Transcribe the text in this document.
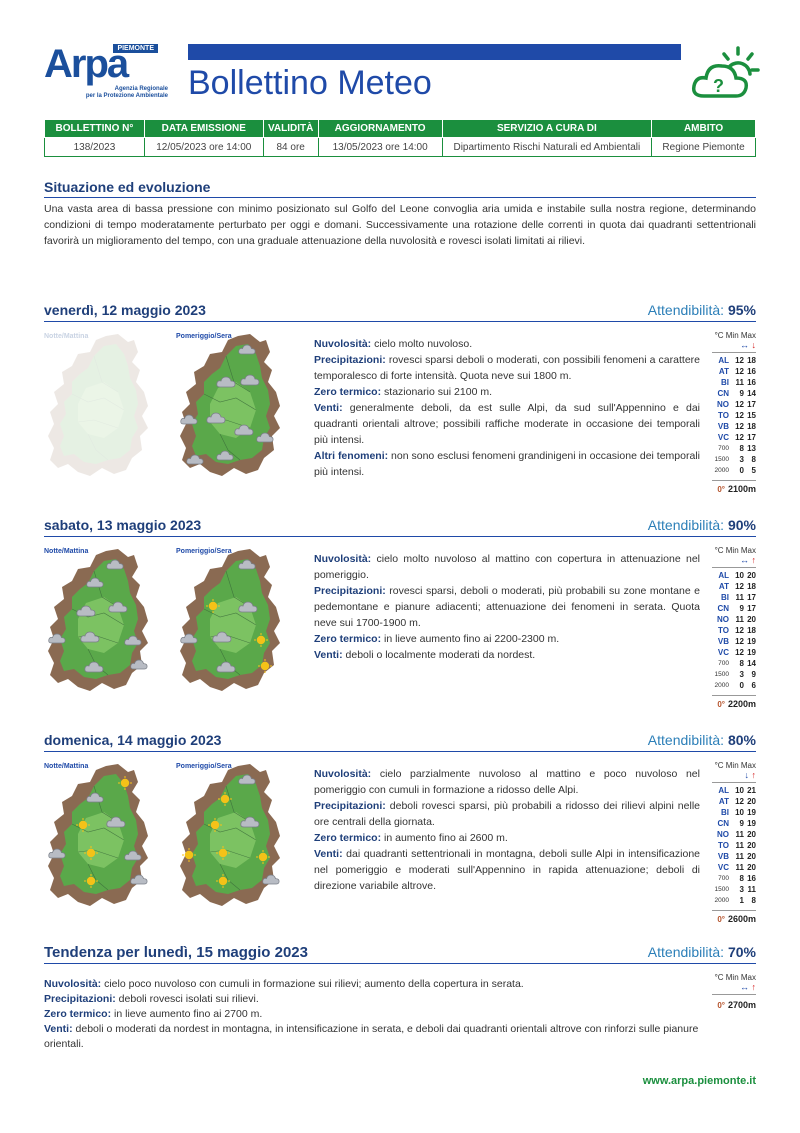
PIEMONTE
Arpa
Agenzia Regionale
per la Protezione Ambientale Bollettino Meteo	?
BOLLETTINO N°	DATA EMISSIONE	VALIDITÀ	AGGIORNAMENTO	SERVIZIO A CURA DI	AMBITO
138/2023	12/05/2023 ore 14:00	84 ore	13/05/2023 ore 14:00	Dipartimento Rischi Naturali ed Ambientali	Regione Piemonte
Situazione ed evoluzione
Una vasta area di bassa pressione con minimo posizionato sul Golfo del Leone convoglia aria umida e instabile sulla nostra regione, determinando condizioni di tempo moderatamente perturbato per oggi e domani. Successivamente una rotazione delle correnti in quota dai quadranti settentrionali favorirà un miglioramento del tempo, con una graduale attenuazione della nuvolosità e rovesci isolati limitati ai rilievi.
venerdì, 12 maggio 2023	Attendibilità: 95%
Notte/Mattina	Pomeriggio/Sera
Nuvolosità: cielo molto nuvoloso.
Precipitazioni: rovesci sparsi deboli o moderati, con possibili fenomeni a carattere temporalesco di forte intensità. Quota neve sui 1800 m.
Zero termico: stazionario sui 2100 m.
Venti: generalmente deboli, da est sulle Alpi, da sud sull'Appennino e dai quadranti orientali altrove; possibili raffiche moderate in occasione dei temporali più intensi.
Altri fenomeni: non sono esclusi fenomeni grandinigeni in occasione dei temporali più intensi.
°C Min Max
↔ ↓
AL 12 18
AT 12 16
BI 11 16
CN	9 14
NO 12 17
TO 12 15
VB 12 18
VC 12 17
700	8 13
1500	3 8
2000	0 5
0° 2100m
sabato, 13 maggio 2023	Attendibilità: 90%
Notte/Mattina	Pomeriggio/Sera
Nuvolosità: cielo molto nuvoloso al mattino con copertura in attenuazione nel pomeriggio.
Precipitazioni: rovesci sparsi, deboli o moderati, più probabili su zone montane e pedemontane e pianure adiacenti; attenuazione dei fenomeni in serata. Quota neve sui 1700-1900 m.
Zero termico: in lieve aumento fino ai 2200-2300 m.
Venti: deboli o localmente moderati da nordest.
°C Min Max
↔ ↑
AL 10 20
AT 12 18
BI 11 17
CN	9 17
NO 11 20
TO 12 18
VB 12 19
VC 12 19
700	8 14
1500	3 9
2000	0 6
0° 2200m
domenica, 14 maggio 2023	Attendibilità: 80%
Notte/Mattina	Pomeriggio/Sera
Nuvolosità: cielo parzialmente nuvoloso al mattino e poco nuvoloso nel pomeriggio con cumuli in formazione a ridosso delle Alpi.
Precipitazioni: deboli rovesci sparsi, più probabili a ridosso dei rilievi alpini nelle ore centrali della giornata.
Zero termico: in aumento fino ai 2600 m.
Venti: dai quadranti settentrionali in montagna, deboli sulle Alpi in intensificazione nel pomeriggio e moderati sull'Appennino in rapida attenuazione; deboli di direzione variabile altrove.
°C Min Max
↓ ↑
AL 10 21
AT 12 20
BI 10 19
CN	9 19
NO 11 20
TO 11 20
VB 11 20
VC 11 20
700	8 16
1500	3 11
2000	1 8
0° 2600m
Tendenza per lunedì, 15 maggio 2023	Attendibilità: 70%
°C Min Max
↔ ↑
0° 2700m
Nuvolosità: cielo poco nuvoloso con cumuli in formazione sui rilievi; aumento della copertura in serata.
Precipitazioni: deboli rovesci isolati sui rilievi.
Zero termico: in lieve aumento fino ai 2700 m.
Venti: deboli o moderati da nordest in montagna, in intensificazione in serata, e deboli dai quadranti orientali altrove con rinforzi sulle pianure orientali.
www.arpa.piemonte.it
